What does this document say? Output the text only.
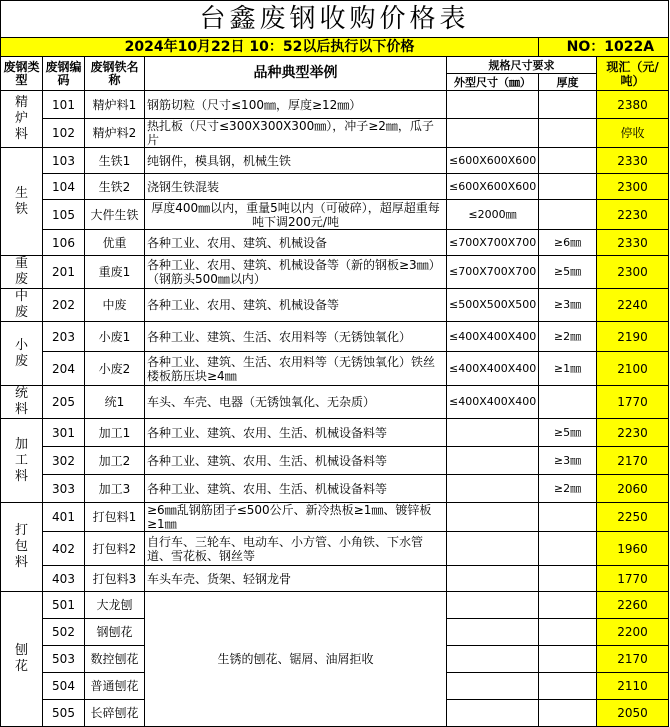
台鑫废钢收购价格表						
2024年10月22日 10：52以后执行以下价格					NO：1022A	
废钢类型	废钢编码	废钢铁名称	品种典型举例	规格尺寸要求		现汇（元/吨）
				外型尺寸（㎜）	厚度	
精炉料	101	精炉料1	钢筋切粒（尺寸≤100㎜，厚度≥12㎜）			2380
	102	精炉料2	热扎板（尺寸≤300X300X300㎜），冲子≥2㎜，瓜子片			停收
生铁	103	生铁1	纯钢件，模具钢，机械生铁	≤600X600X600		2330
	104	生铁2	浇钢生铁混装	≤600X600X600		2300
	105	大件生铁	厚度400㎜以内，重量5吨以内（可破碎），超厚超重每吨下调200元/吨	≤2000㎜		2230
	106	优重	各种工业、农用、建筑、机械设备	≤700X700X700	≥6㎜	2330
重废	201	重废1	各种工业、农用、建筑、机械设备等（新的钢板≥3㎜）（钢筋头500㎜以内）	≤700X700X700	≥5㎜	2300
中废	202	中废	各种工业、农用、建筑、机械设备等	≤500X500X500	≥3㎜	2240
小废	203	小废1	各种工业、建筑、生活、农用料等（无锈蚀氧化）	≤400X400X400	≥2㎜	2190
	204	小废2	各种工业、建筑、生活、农用料等（无锈蚀氧化）铁丝楼板筋压块≥4㎜	≤400X400X400	≥1㎜	2100
统料	205	统1	车头、车壳、电器（无锈蚀氧化、无杂质）	≤400X400X400		1770
加工料	301	加工1	各种工业、建筑、农用、生活、机械设备料等		≥5㎜	2230
	302	加工2	各种工业、建筑、农用、生活、机械设备料等		≥3㎜	2170
	303	加工3	各种工业、建筑、农用、生活、机械设备料等		≥2㎜	2060
打包料	401	打包料1	≥6㎜乱钢筋团子≤500公斤、新冷热板≥1㎜、镀锌板≥1㎜			2250
	402	打包料2	自行车、三轮车、电动车、小方管、小角铁、下水管道、雪花板、钢丝等			1960
	403	打包料3	车头车壳、货架、轻钢龙骨			1770
刨花	501	大龙刨	生锈的刨花、锯屑、油屑拒收			2260
	502	钢刨花				2200
	503	数控刨花				2170
	504	普通刨花				2110
	505	长碎刨花				2050
